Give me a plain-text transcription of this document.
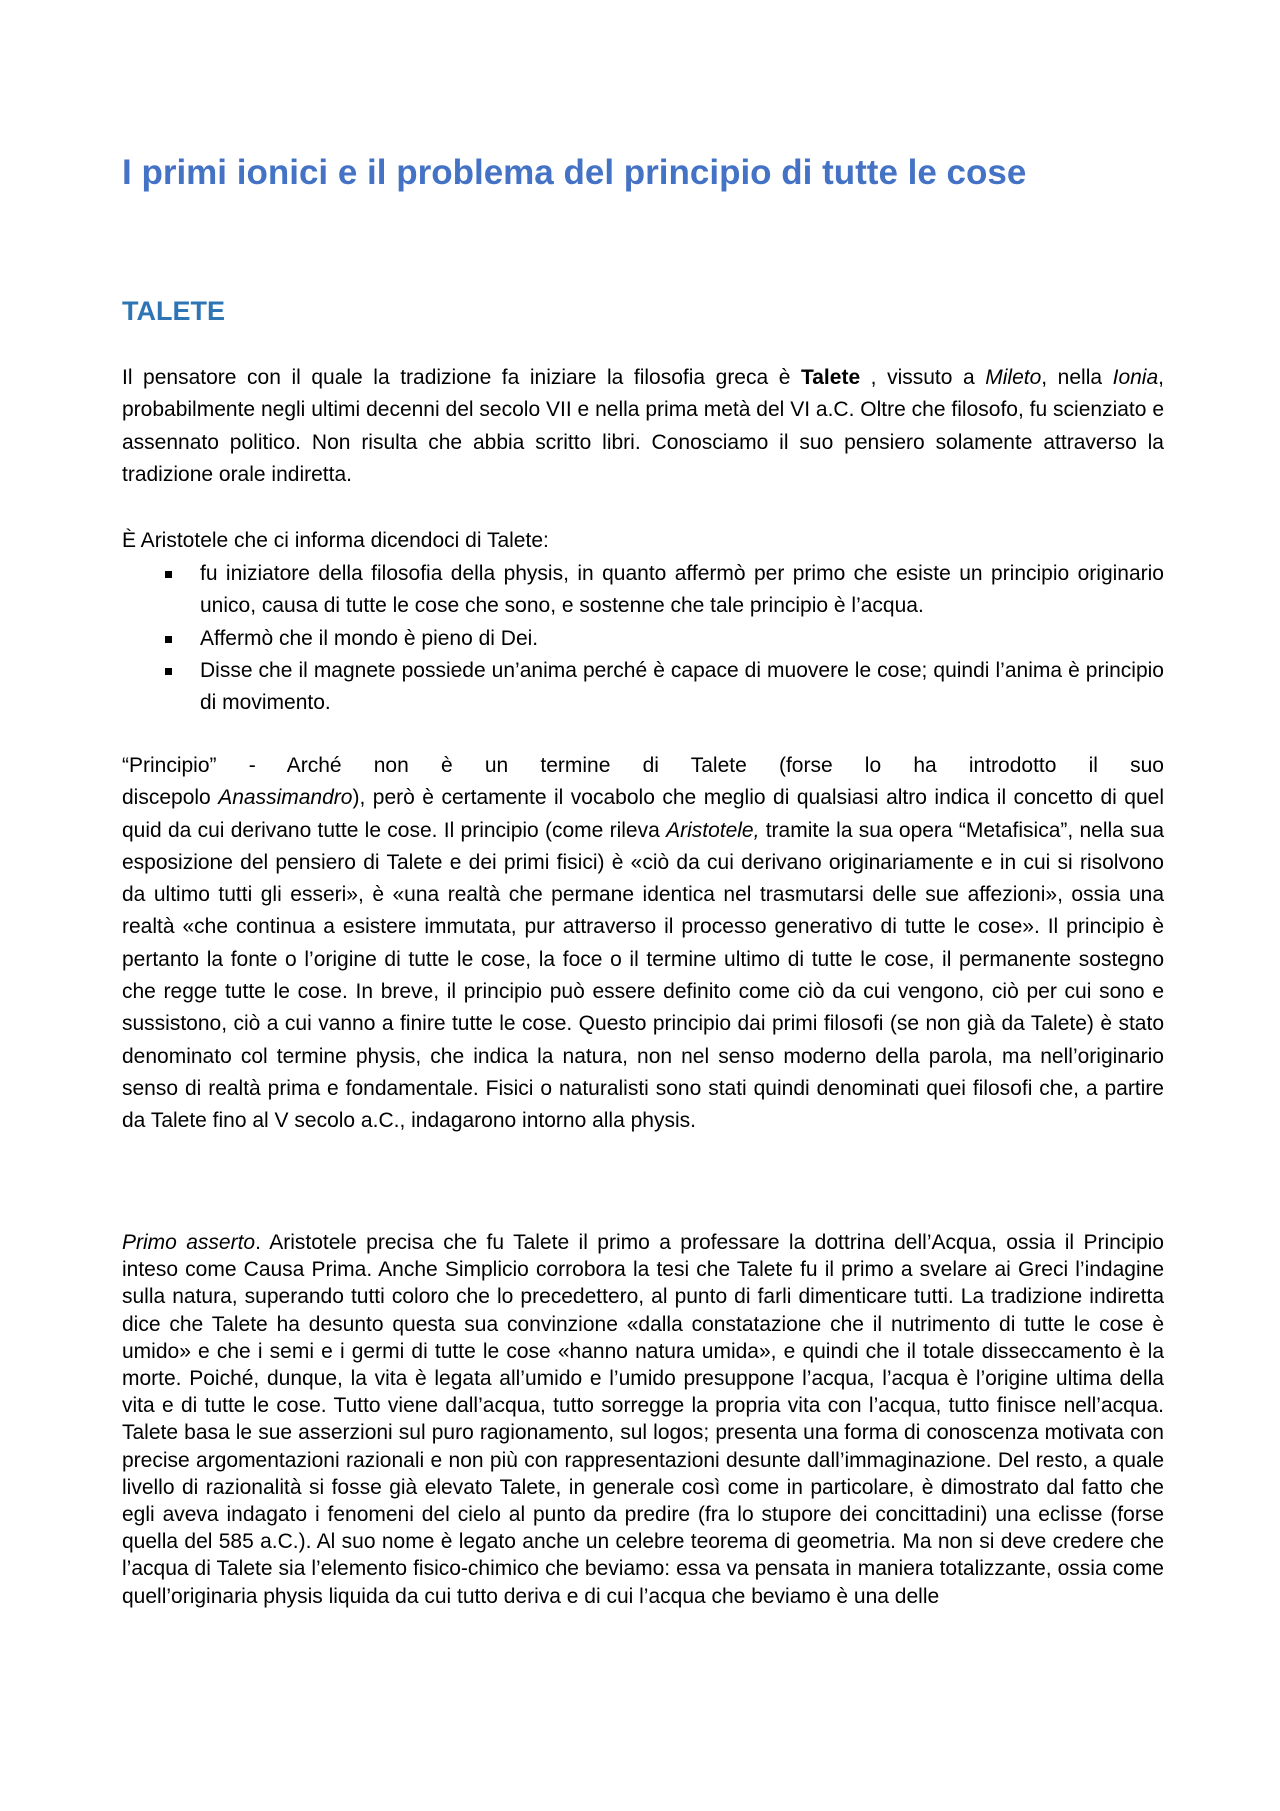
I primi ionici e il problema del principio di tutte le cose
TALETE

Il pensatore con il quale la tradizione fa iniziare la filosofia greca è Talete , vissuto a Mileto, nella Ionia, probabilmente negli ultimi decenni del secolo VII e nella prima metà del VI a.C. Oltre che filosofo, fu scienziato e assennato politico. Non risulta che abbia scritto libri. Conosciamo il suo pensiero solamente attraverso la tradizione orale indiretta.

È Aristotele che ci informa dicendoci di Talete:

fu iniziatore della filosofia della physis, in quanto affermò per primo che esiste un principio originario unico, causa di tutte le cose che sono, e sostenne che tale principio è l’acqua.
Affermò che il mondo è pieno di Dei.
Disse che il magnete possiede un’anima perché è capace di muovere le cose; quindi l’anima è principio di movimento.

“Principio” - Arché non è un termine di Talete (forse lo ha introdotto il suo
discepolo Anassimandro), però è certamente il vocabolo che meglio di qualsiasi altro indica il concetto di quel quid da cui derivano tutte le cose. Il principio (come rileva Aristotele, tramite la sua opera “Metafisica”, nella sua esposizione del pensiero di Talete e dei primi fisici) è «ciò da cui derivano originariamente e in cui si risolvono da ultimo tutti gli esseri», è «una realtà che permane identica nel trasmutarsi delle sue affezioni», ossia una realtà «che continua a esistere immutata, pur attraverso il processo generativo di tutte le cose». Il principio è pertanto la fonte o l’origine di tutte le cose, la foce o il termine ultimo di tutte le cose, il permanente sostegno che regge tutte le cose. In breve, il principio può essere definito come ciò da cui vengono, ciò per cui sono e sussistono, ciò a cui vanno a finire tutte le cose. Questo principio dai primi filosofi (se non già da Talete) è stato denominato col termine physis, che indica la natura, non nel senso moderno della parola, ma nell’originario senso di realtà prima e fondamentale. Fisici o naturalisti sono stati quindi denominati quei filosofi che, a partire da Talete fino al V secolo a.C., indagarono intorno alla physis.

Primo asserto. Aristotele precisa che fu Talete il primo a professare la dottrina dell’Acqua, ossia il Principio inteso come Causa Prima. Anche Simplicio corrobora la tesi che Talete fu il primo a svelare ai Greci l’indagine sulla natura, superando tutti coloro che lo precedettero, al punto di farli dimenticare tutti. La tradizione indiretta dice che Talete ha desunto questa sua convinzione «dalla constatazione che il nutrimento di tutte le cose è umido» e che i semi e i germi di tutte le cose «hanno natura umida», e quindi che il totale disseccamento è la morte. Poiché, dunque, la vita è legata all’umido e l’umido presuppone l’acqua, l’acqua è l’origine ultima della vita e di tutte le cose. Tutto viene dall’acqua, tutto sorregge la propria vita con l’acqua, tutto finisce nell’acqua. Talete basa le sue asserzioni sul puro ragionamento, sul logos; presenta una forma di conoscenza motivata con precise argomentazioni razionali e non più con rappresentazioni desunte dall’immaginazione. Del resto, a quale livello di razionalità si fosse già elevato Talete, in generale così come in particolare, è dimostrato dal fatto che egli aveva indagato i fenomeni del cielo al punto da predire (fra lo stupore dei concittadini) una eclisse (forse quella del 585 a.C.). Al suo nome è legato anche un celebre teorema di geometria. Ma non si deve credere che l’acqua di Talete sia l’elemento fisico-chimico che beviamo: essa va pensata in maniera totalizzante, ossia come quell’originaria physis liquida da cui tutto deriva e di cui l’acqua che beviamo è una delle
